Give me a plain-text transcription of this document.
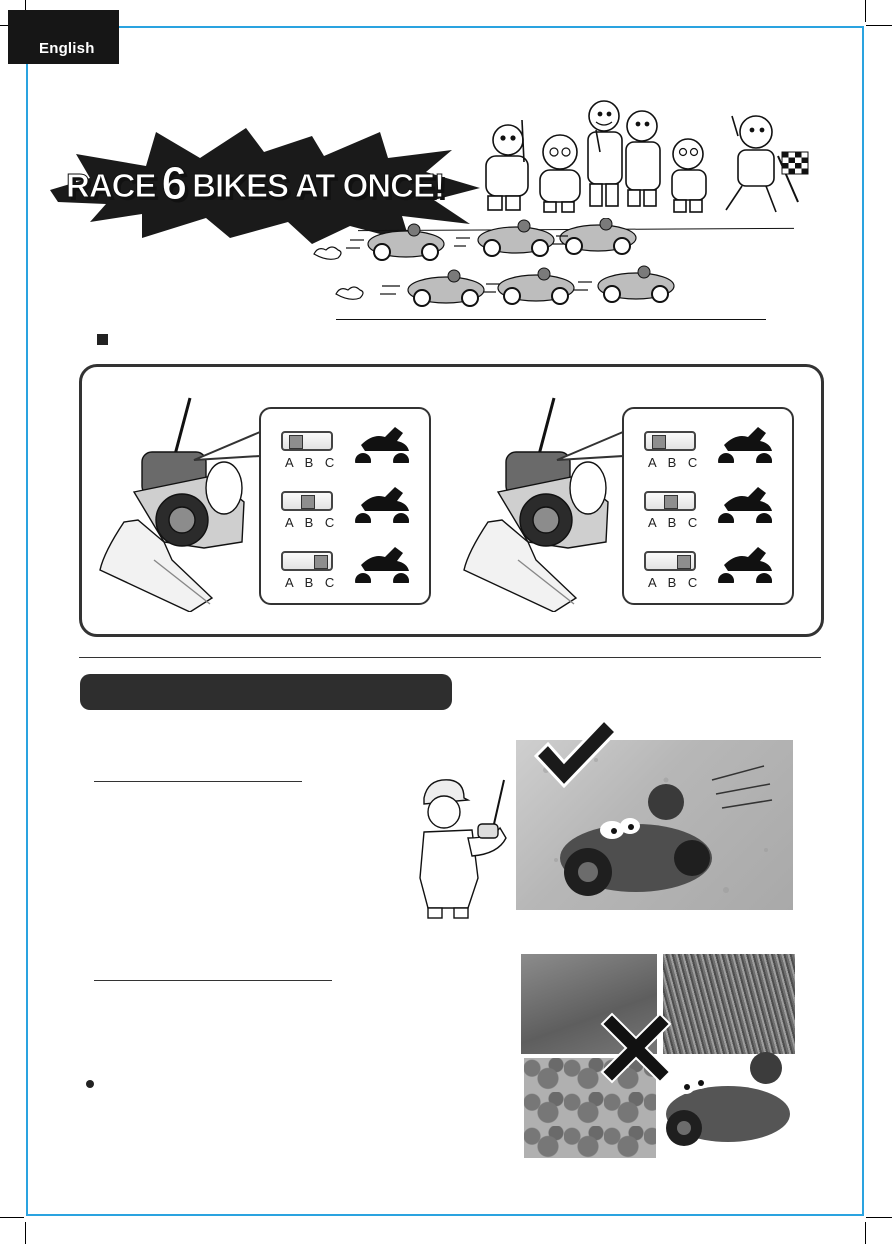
English
RACE 6 BIKES AT ONCE!
A B C
A B C
A B C
A B C
A B C
A B C
